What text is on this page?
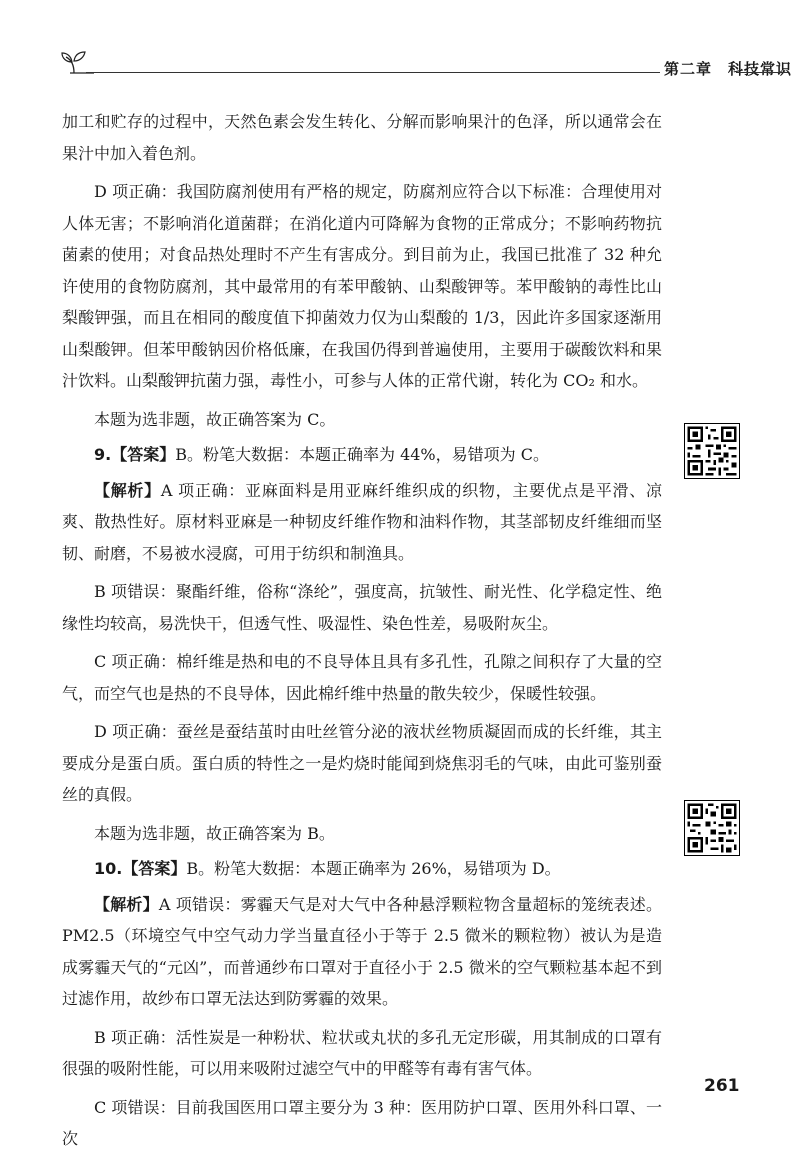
第二章　科技常识

加工和贮存的过程中，天然色素会发生转化、分解而影响果汁的色泽，所以通常会在果汁中加入着色剂。

D 项正确：我国防腐剂使用有严格的规定，防腐剂应符合以下标准：合理使用对人体无害；不影响消化道菌群；在消化道内可降解为食物的正常成分；不影响药物抗菌素的使用；对食品热处理时不产生有害成分。到目前为止，我国已批准了 32 种允许使用的食物防腐剂，其中最常用的有苯甲酸钠、山梨酸钾等。苯甲酸钠的毒性比山梨酸钾强，而且在相同的酸度值下抑菌效力仅为山梨酸的 1/3，因此许多国家逐渐用山梨酸钾。但苯甲酸钠因价格低廉，在我国仍得到普遍使用，主要用于碳酸饮料和果汁饮料。山梨酸钾抗菌力强，毒性小，可参与人体的正常代谢，转化为 CO₂ 和水。

本题为选非题，故正确答案为 C。

9.【答案】B。粉笔大数据：本题正确率为 44%，易错项为 C。

【解析】A 项正确：亚麻面料是用亚麻纤维织成的织物，主要优点是平滑、凉爽、散热性好。原材料亚麻是一种韧皮纤维作物和油料作物，其茎部韧皮纤维细而坚韧、耐磨，不易被水浸腐，可用于纺织和制渔具。

B 项错误：聚酯纤维，俗称“涤纶”，强度高，抗皱性、耐光性、化学稳定性、绝缘性均较高，易洗快干，但透气性、吸湿性、染色性差，易吸附灰尘。

C 项正确：棉纤维是热和电的不良导体且具有多孔性，孔隙之间积存了大量的空气，而空气也是热的不良导体，因此棉纤维中热量的散失较少，保暖性较强。

D 项正确：蚕丝是蚕结茧时由吐丝管分泌的液状丝物质凝固而成的长纤维，其主要成分是蛋白质。蛋白质的特性之一是灼烧时能闻到烧焦羽毛的气味，由此可鉴别蚕丝的真假。

本题为选非题，故正确答案为 B。

10.【答案】B。粉笔大数据：本题正确率为 26%，易错项为 D。

【解析】A 项错误：雾霾天气是对大气中各种悬浮颗粒物含量超标的笼统表述。PM2.5（环境空气中空气动力学当量直径小于等于 2.5 微米的颗粒物）被认为是造成雾霾天气的“元凶”，而普通纱布口罩对于直径小于 2.5 微米的空气颗粒基本起不到过滤作用，故纱布口罩无法达到防雾霾的效果。

B 项正确：活性炭是一种粉状、粒状或丸状的多孔无定形碳，用其制成的口罩有很强的吸附性能，可以用来吸附过滤空气中的甲醛等有毒有害气体。

C 项错误：目前我国医用口罩主要分为 3 种：医用防护口罩、医用外科口罩、一次

261
